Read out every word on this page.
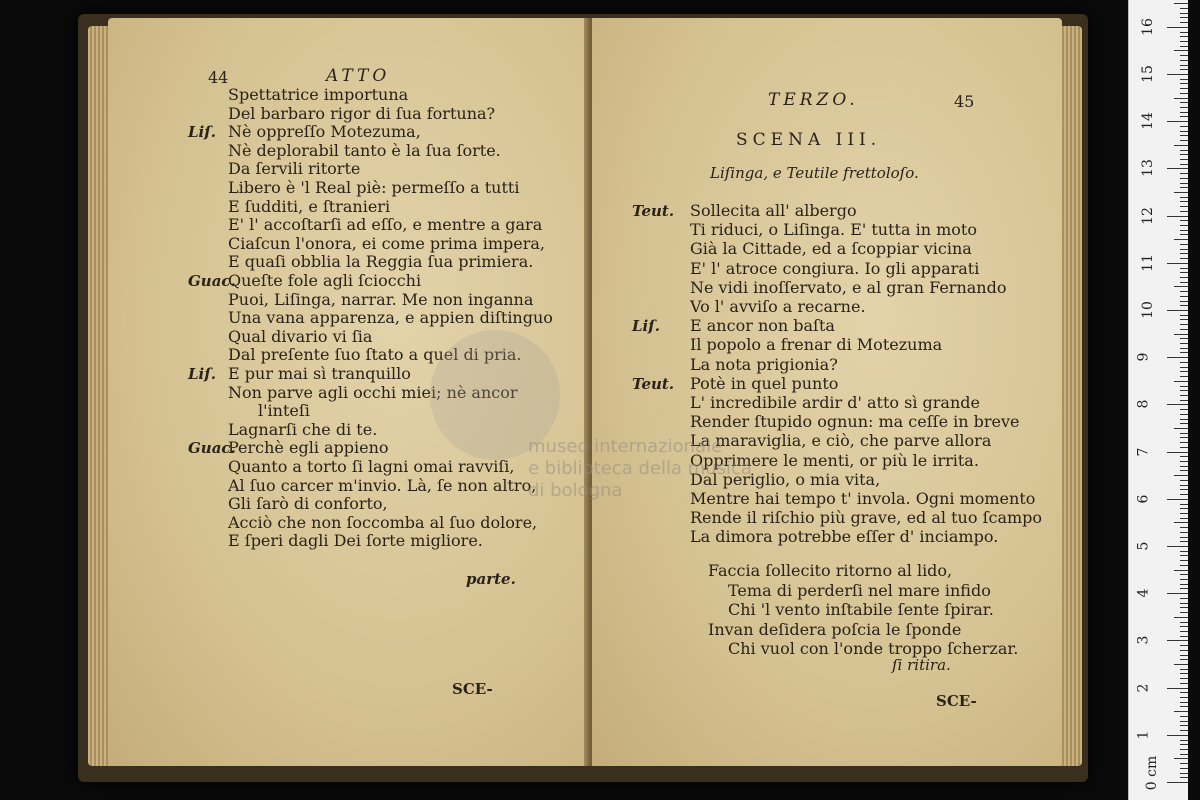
44	ATTO
Spettatrice importuna
Del barbaro rigor di ſua fortuna?
Liſ. Nè oppreſſo Motezuma,
Nè deplorabil tanto è la ſua ſorte.
Da ſervili ritorte
Libero è 'l Real piè: permeſſo a tutti
E ſudditi, e ſtranieri
E' l' accoſtarſi ad eſſo, e mentre a gara
Ciaſcun l'onora, ei come prima impera,
E quaſi obblia la Reggia ſua primiera.
Guac.
Queſte fole agli ſciocchi
Puoi, Liſinga, narrar. Me non inganna
Una vana apparenza, e appien diſtinguo
Qual divario vi ſia
Dal preſente ſuo ſtato a quel di pria.
Liſ. E pur mai sì tranquillo
Non parve agli occhi miei; nè ancor
l'inteſi
Lagnarſi che di te.
Guac.
Perchè egli appieno
Quanto a torto ſi lagni omai ravviſi,
Al ſuo carcer m'invio. Là, ſe non altro,
Gli ſarò di conforto,
Acciò che non ſoccomba al ſuo dolore,
E ſperi dagli Dei ſorte migliore.
parte.
SCE-
TERZO.	45
SCENA III.
Liſinga, e Teutile frettoloſo.
Teut. Sollecita all' albergo
Ti riduci, o Liſinga. E' tutta in moto
Già la Cittade, ed a ſcoppiar vicina
E' l' atroce congiura. Io gli apparati
Ne vidi inoſſervato, e al gran Fernando
Vo l' avviſo a recarne.
Liſ. E ancor non baſta
Il popolo a frenar di Motezuma
La nota prigionia?
Teut. Potè in quel punto
L' incredibile ardir d' atto sì grande
Render ſtupido ognun: ma ceſſe in breve
La maraviglia, e ciò, che parve allora
Opprimere le menti, or più le irrita.
Dal periglio, o mia vita,
Mentre hai tempo t' invola. Ogni momento
Rende il riſchio più grave, ed al tuo ſcampo
La dimora potrebbe eſſer d' inciampo.
Faccia ſollecito ritorno al lido,
Tema di perderſi nel mare infido
Chi 'l vento inſtabile ſente ſpirar.
Invan deſidera poſcia le ſponde
Chi vuol con l'onde troppo ſcherzar.
ſi ritira.
SCE-
museo internazionale
e biblioteca della musica
di bologna
1
2
3
4
5
6
7
8
9
10
11
12
13
14
15
16
0 cm
